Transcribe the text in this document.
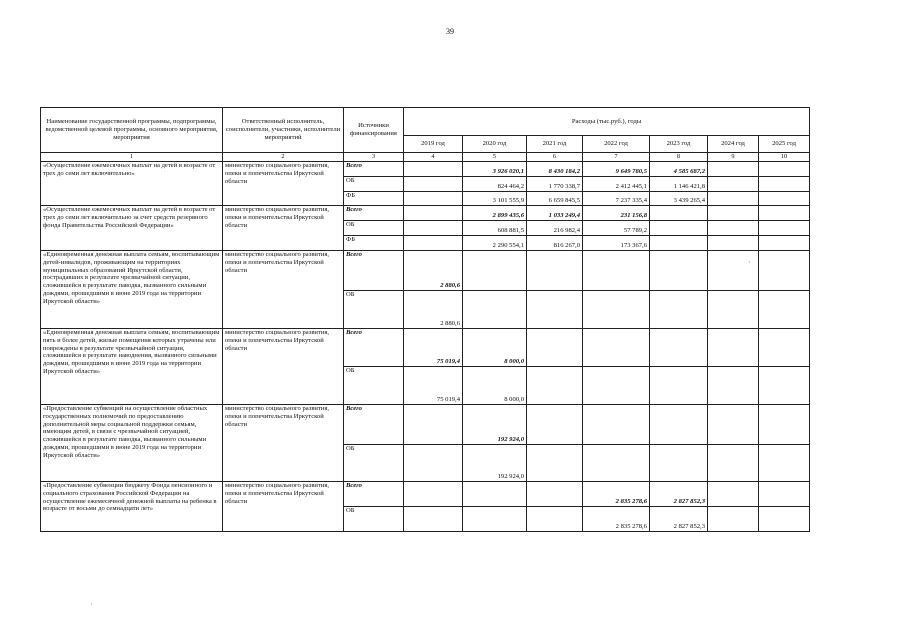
39
Наименование государственной программы, подпрограммы, ведомственной целевой программы, основного мероприятия, мероприятия	Ответственный исполнитель, соисполнители, участники, исполнители мероприятий	Источники финансирования	Расходы (тыс.руб.), годы						
			2019 год	2020 год	2021 год	2022 год	2023 год	2024 год	2025 год
1	2	3	4	5	6	7	8	9	10
«Осуществление ежемесячных выплат на детей в возрасте от трех до семи лет включительно»	министерство социального развития, опеки и попечительства Иркутской области	Всего		3 926 020,1	8 430 184,2	9 649 780,5	4 585 687,2		
		ОБ		824 464,2	1 770 338,7	2 412 445,1	1 146 421,8		
		ФБ		3 101 555,9	6 659 845,5	7 237 335,4	3 439 265,4		
«Осуществление ежемесячных выплат на детей в возрасте от трех до семи лет включительно за счет средств резервного фонда Правительства Российской Федерации»	министерство социального развития, опеки и попечительства Иркутской области	Всего		2 899 435,6	1 033 249,4	231 156,8			
		ОБ		608 881,5	216 982,4	57 789,2			
		ФБ		2 290 554,1	816 267,0	173 367,6			
«Единовременная денежная выплата семьям, воспитывающим детей-инвалидов, проживающим на территориях муниципальных образований Иркутской области, пострадавших в результате чрезвычайной ситуации, сложившейся в результате паводка, вызванного сильными дождями, прошедшими в июне 2019 года на территории Иркутской области»	министерство социального развития, опеки и попечительства Иркутской области	Всего	2 880,6						
		ОБ	2 880,6						
«Единовременная денежная выплата семьям, воспитывающим пять и более детей, жилые помещения которых утрачены или повреждены в результате чрезвычайной ситуации, сложившейся в результате наводнения, вызванного сильными дождями, прошедшими в июне 2019 года на территории Иркутской области»	министерство социального развития, опеки и попечительства Иркутской области	Всего	75 019,4	8 000,0					
		ОБ	75 019,4	8 000,0					
«Предоставление субвенций на осуществление областных государственных полномочий по предоставлению дополнительной меры социальной поддержки семьям, имеющим детей, в связи с чрезвычайной ситуацией, сложившейся в результате паводка, вызванного сильными дождями, прошедшими в июне 2019 года на территории Иркутской области»	министерство социального развития, опеки и попечительства Иркутской области	Всего		192 924,0					
		ОБ		192 924,0					
«Предоставление субвенции бюджету Фонда пенсионного и социального страхования Российской Федерации на осуществление ежемесячной денежной выплаты на ребенка в возрасте от восьми до семнадцати лет»	министерство социального развития, опеки и попечительства Иркутской области	Всего				2 835 278,6	2 827 852,3		
		ОБ				2 835 278,6	2 827 852,3		
·
·
